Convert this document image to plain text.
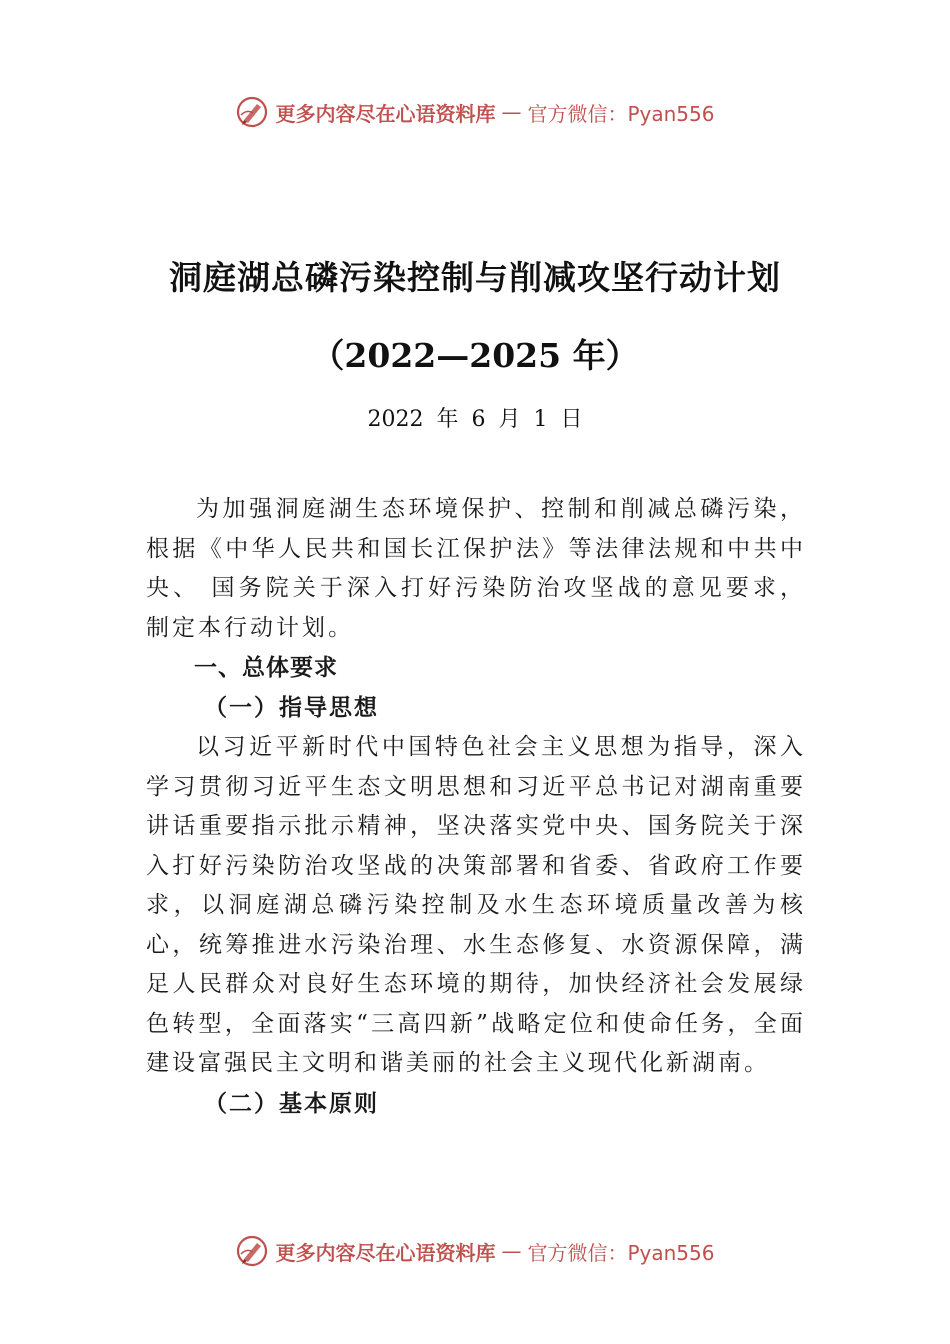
更多内容尽在心语资料库 — 官方微信：Pyan556
洞庭湖总磷污染控制与削减攻坚行动计划
（2022—2025 年）
2022 年 6 月 1 日

为加强洞庭湖生态环境保护、控制和削减总磷污染，根据《中华人民共和国长江保护法》等法律法规和中共中央、 国务院关于深入打好污染防治攻坚战的意见要求，制定本行动计划。

一、总体要求

（一）指导思想

以习近平新时代中国特色社会主义思想为指导，深入学习贯彻习近平生态文明思想和习近平总书记对湖南重要讲话重要指示批示精神，坚决落实党中央、国务院关于深入打好污染防治攻坚战的决策部署和省委、省政府工作要求，以洞庭湖总磷污染控制及水生态环境质量改善为核心，统筹推进水污染治理、水生态修复、水资源保障，满足人民群众对良好生态环境的期待，加快经济社会发展绿色转型，全面落实“三高四新”战略定位和使命任务，全面建设富强民主文明和谐美丽的社会主义现代化新湖南。

（二）基本原则

更多内容尽在心语资料库 — 官方微信：Pyan556
